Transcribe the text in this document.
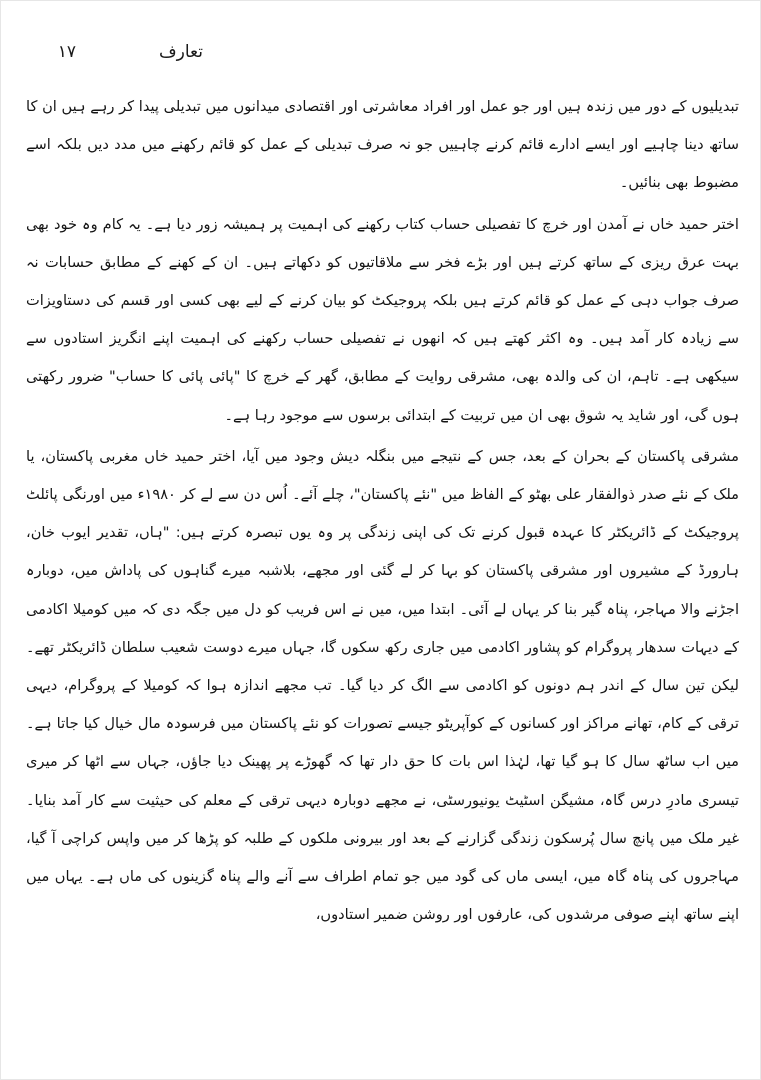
تعارف
۱۷

تبدیلیوں کے دور میں زندہ ہیں اور جو عمل اور افراد معاشرتی اور اقتصادی میدانوں میں تبدیلی پیدا کر رہے ہیں ان کا ساتھ دینا چاہیے اور ایسے ادارے قائم کرنے چاہییں جو نہ صرف تبدیلی کے عمل کو قائم رکھنے میں مدد دیں بلکہ اسے مضبوط بھی بنائیں۔

اختر حمید خاں نے آمدن اور خرچ کا تفصیلی حساب کتاب رکھنے کی اہمیت پر ہمیشہ زور دیا ہے۔ یہ کام وہ خود بھی بہت عرق ریزی کے ساتھ کرتے ہیں اور بڑے فخر سے ملاقاتیوں کو دکھاتے ہیں۔ ان کے کھنے کے مطابق حسابات نہ صرف جواب دہی کے عمل کو قائم کرتے ہیں بلکہ پروجیکٹ کو بیان کرنے کے لیے بھی کسی اور قسم کی دستاویزات سے زیادہ کار آمد ہیں۔ وہ اکثر کھتے ہیں کہ انھوں نے تفصیلی حساب رکھنے کی اہمیت اپنے انگریز استادوں سے سیکھی ہے۔ تاہم، ان کی والدہ بھی، مشرقی روایت کے مطابق، گھر کے خرچ کا "پائی پائی کا حساب" ضرور رکھتی ہوں گی، اور شاید یہ شوق بھی ان میں تربیت کے ابتدائی برسوں سے موجود رہا ہے۔

مشرقی پاکستان کے بحران کے بعد، جس کے نتیجے میں بنگلہ دیش وجود میں آیا، اختر حمید خاں مغربی پاکستان، یا ملک کے نئے صدر ذوالفقار علی بھٹو کے الفاظ میں "نئے پاکستان"، چلے آئے۔ اُس دن سے لے کر ۱۹۸۰ء میں اورنگی پائلٹ پروجیکٹ کے ڈائریکٹر کا عہدہ قبول کرنے تک کی اپنی زندگی پر وہ یوں تبصرہ کرتے ہیں: "ہاں، تقدیر ایوب خان، ہارورڈ کے مشیروں اور مشرقی پاکستان کو بہا کر لے گئی اور مجھے، بلاشبہ میرے گناہوں کی پاداش میں، دوبارہ اجڑنے والا مہاجر، پناہ گیر بنا کر یہاں لے آئی۔ ابتدا میں، میں نے اس فریب کو دل میں جگہ دی کہ میں کومیلا اکادمی کے دیہات سدھار پروگرام کو پشاور اکادمی میں جاری رکھ سکوں گا، جہاں میرے دوست شعیب سلطان ڈائریکٹر تھے۔ لیکن تین سال کے اندر ہم دونوں کو اکادمی سے الگ کر دیا گیا۔ تب مجھے اندازہ ہوا کہ کومیلا کے پروگرام، دیہی ترقی کے کام، تھانے مراکز اور کسانوں کے کوآپریٹو جیسے تصورات کو نئے پاکستان میں فرسودہ مال خیال کیا جاتا ہے۔ میں اب ساٹھ سال کا ہو گیا تھا، لہٰذا اس بات کا حق دار تھا کہ گھوڑے پر پھینک دیا جاؤں، جہاں سے اٹھا کر میری تیسری مادرِ درس گاہ، مشیگن اسٹیٹ یونیورسٹی، نے مجھے دوبارہ دیہی ترقی کے معلم کی حیثیت سے کار آمد بنایا۔ غیر ملک میں پانچ سال پُرسکون زندگی گزارنے کے بعد اور بیرونی ملکوں کے طلبہ کو پڑھا کر میں واپس کراچی آ گیا، مہاجروں کی پناہ گاہ میں، ایسی ماں کی گود میں جو تمام اطراف سے آنے والے پناہ گزینوں کی ماں ہے۔ یہاں میں اپنے ساتھ اپنے صوفی مرشدوں کی، عارفوں اور روشن ضمیر استادوں،
